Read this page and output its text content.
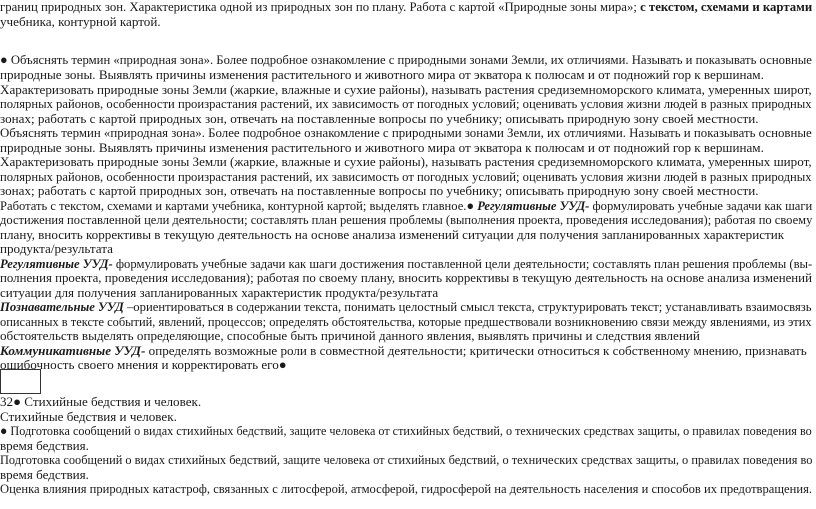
границ природных зон. Характеристика одной из природных зон по плану. Работа с картой «Природные зоны мира»; с текстом, схемами и картами
учебника, контурной картой.
● Объяснять термин «природная зона». Более подробное ознакомление с природными зонами Земли, их отличиями. Называть и показывать основные
природные зоны. Выявлять причины изменения растительного и животного мира от экватора к полюсам и от подножий гор к вершинам.
Характеризовать природные зоны Земли (жаркие, влажные и сухие районы), называть растения средиземноморского климата, умеренных широт,
полярных районов, особенности произрастания растений, их зависимость от погодных условий; оценивать условия жизни людей в разных природных
зонах; работать с картой природных зон, отвечать на поставленные вопросы по учебнику; описывать природную зону своей местности.
Объяснять термин «природная зона». Более подробное ознакомление с природными зонами Земли, их отличиями. Называть и показывать основные
природные зоны. Выявлять причины изменения растительного и животного мира от экватора к полюсам и от подножий гор к вершинам.
Характеризовать природные зоны Земли (жаркие, влажные и сухие районы), называть растения средиземноморского климата, умеренных широт,
полярных районов, особенности произрастания растений, их зависимость от погодных условий; оценивать условия жизни людей в разных природных
зонах; работать с картой природных зон, отвечать на поставленные вопросы по учебнику; описывать природную зону своей местности.
Работать с текстом, схемами и картами учебника, контурной картой; выделять главное.● Регулятивные УУД- формулировать учебные задачи как шаги
достижения поставленной цели деятельности; составлять план решения проблемы (выполнения проекта, проведения исследования); работая по своему
плану, вносить коррективы в текущую деятельность на основе анализа изменений ситуации для получения запланированных характеристик
продукта/результата
Регулятивные УУД- формулировать учебные задачи как шаги достижения поставленной цели деятельности; составлять план решения проблемы (вы-
полнения проекта, проведения исследования); работая по своему плану, вносить коррективы в текущую деятельность на основе анализа изменений
ситуации для получения запланированных характеристик продукта/результата
Познавательные УУД –ориентироваться в содержании текста, понимать целостный смысл текста, структурировать текст; устанавливать взаимосвязь
описанных в тексте событий, явлений, процессов; определять обстоятельства, которые предшествовали возникновению связи между явлениями, из этих
обстоятельств выделять определяющие, способные быть причиной данного явления, выявлять причины и следствия явлений
Коммуникативные УУД- определять возможные роли в совместной деятельности; критически относиться к собственному мнению, признавать
ошибочность своего мнения и корректировать его●
32● Стихийные бедствия и человек.
Стихийные бедствия и человек.
● Подготовка сообщений о видах стихийных бедствий, защите человека от стихийных бедствий, о технических средствах защиты, о правилах поведения во
время бедствия.
Подготовка сообщений о видах стихийных бедствий, защите человека от стихийных бедствий, о технических средствах защиты, о правилах поведения во
время бедствия.
Оценка влияния природных катастроф, связанных с литосферой, атмосферой, гидросферой на деятельность населения и способов их предотвращения.
